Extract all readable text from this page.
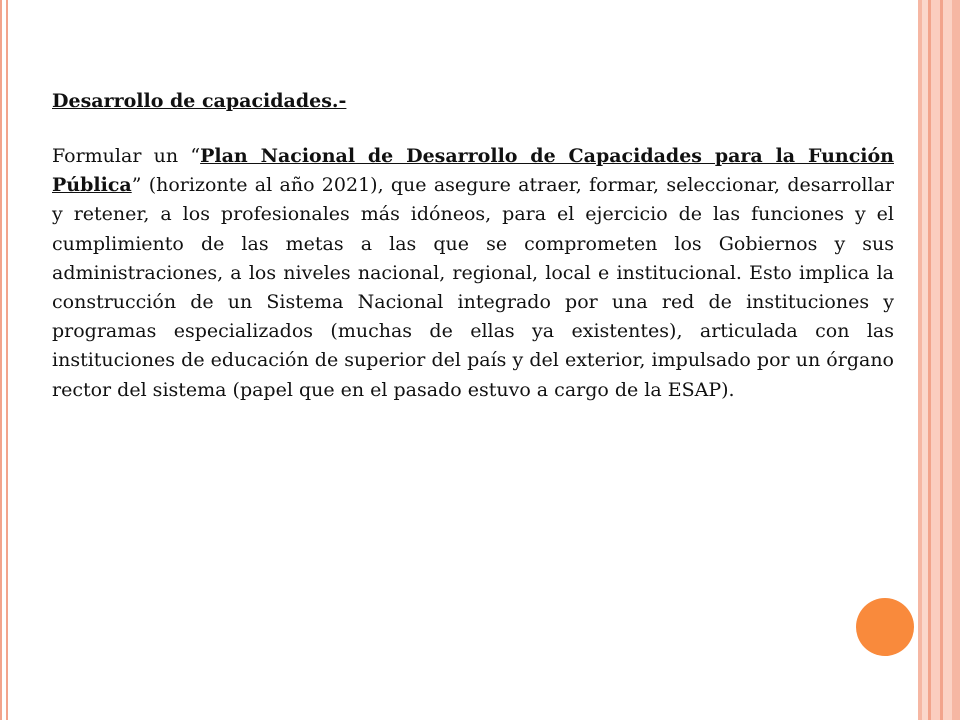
Desarrollo de capacidades.-

Formular un “Plan Nacional de Desarrollo de Capacidades para la Función Pública” (horizonte al año 2021), que asegure atraer, formar, seleccionar, desarrollar y retener, a los profesionales más idóneos, para el ejercicio de las funciones y el cumplimiento de las metas a las que se comprometen los Gobiernos y sus administraciones, a los niveles nacional, regional, local e institucional. Esto implica la construcción de un Sistema Nacional integrado por una red de instituciones y programas especializados (muchas de ellas ya existentes), articulada con las instituciones de educación de superior del país y del exterior, impulsado por un órgano rector del sistema (papel que en el pasado estuvo a cargo de la ESAP).
